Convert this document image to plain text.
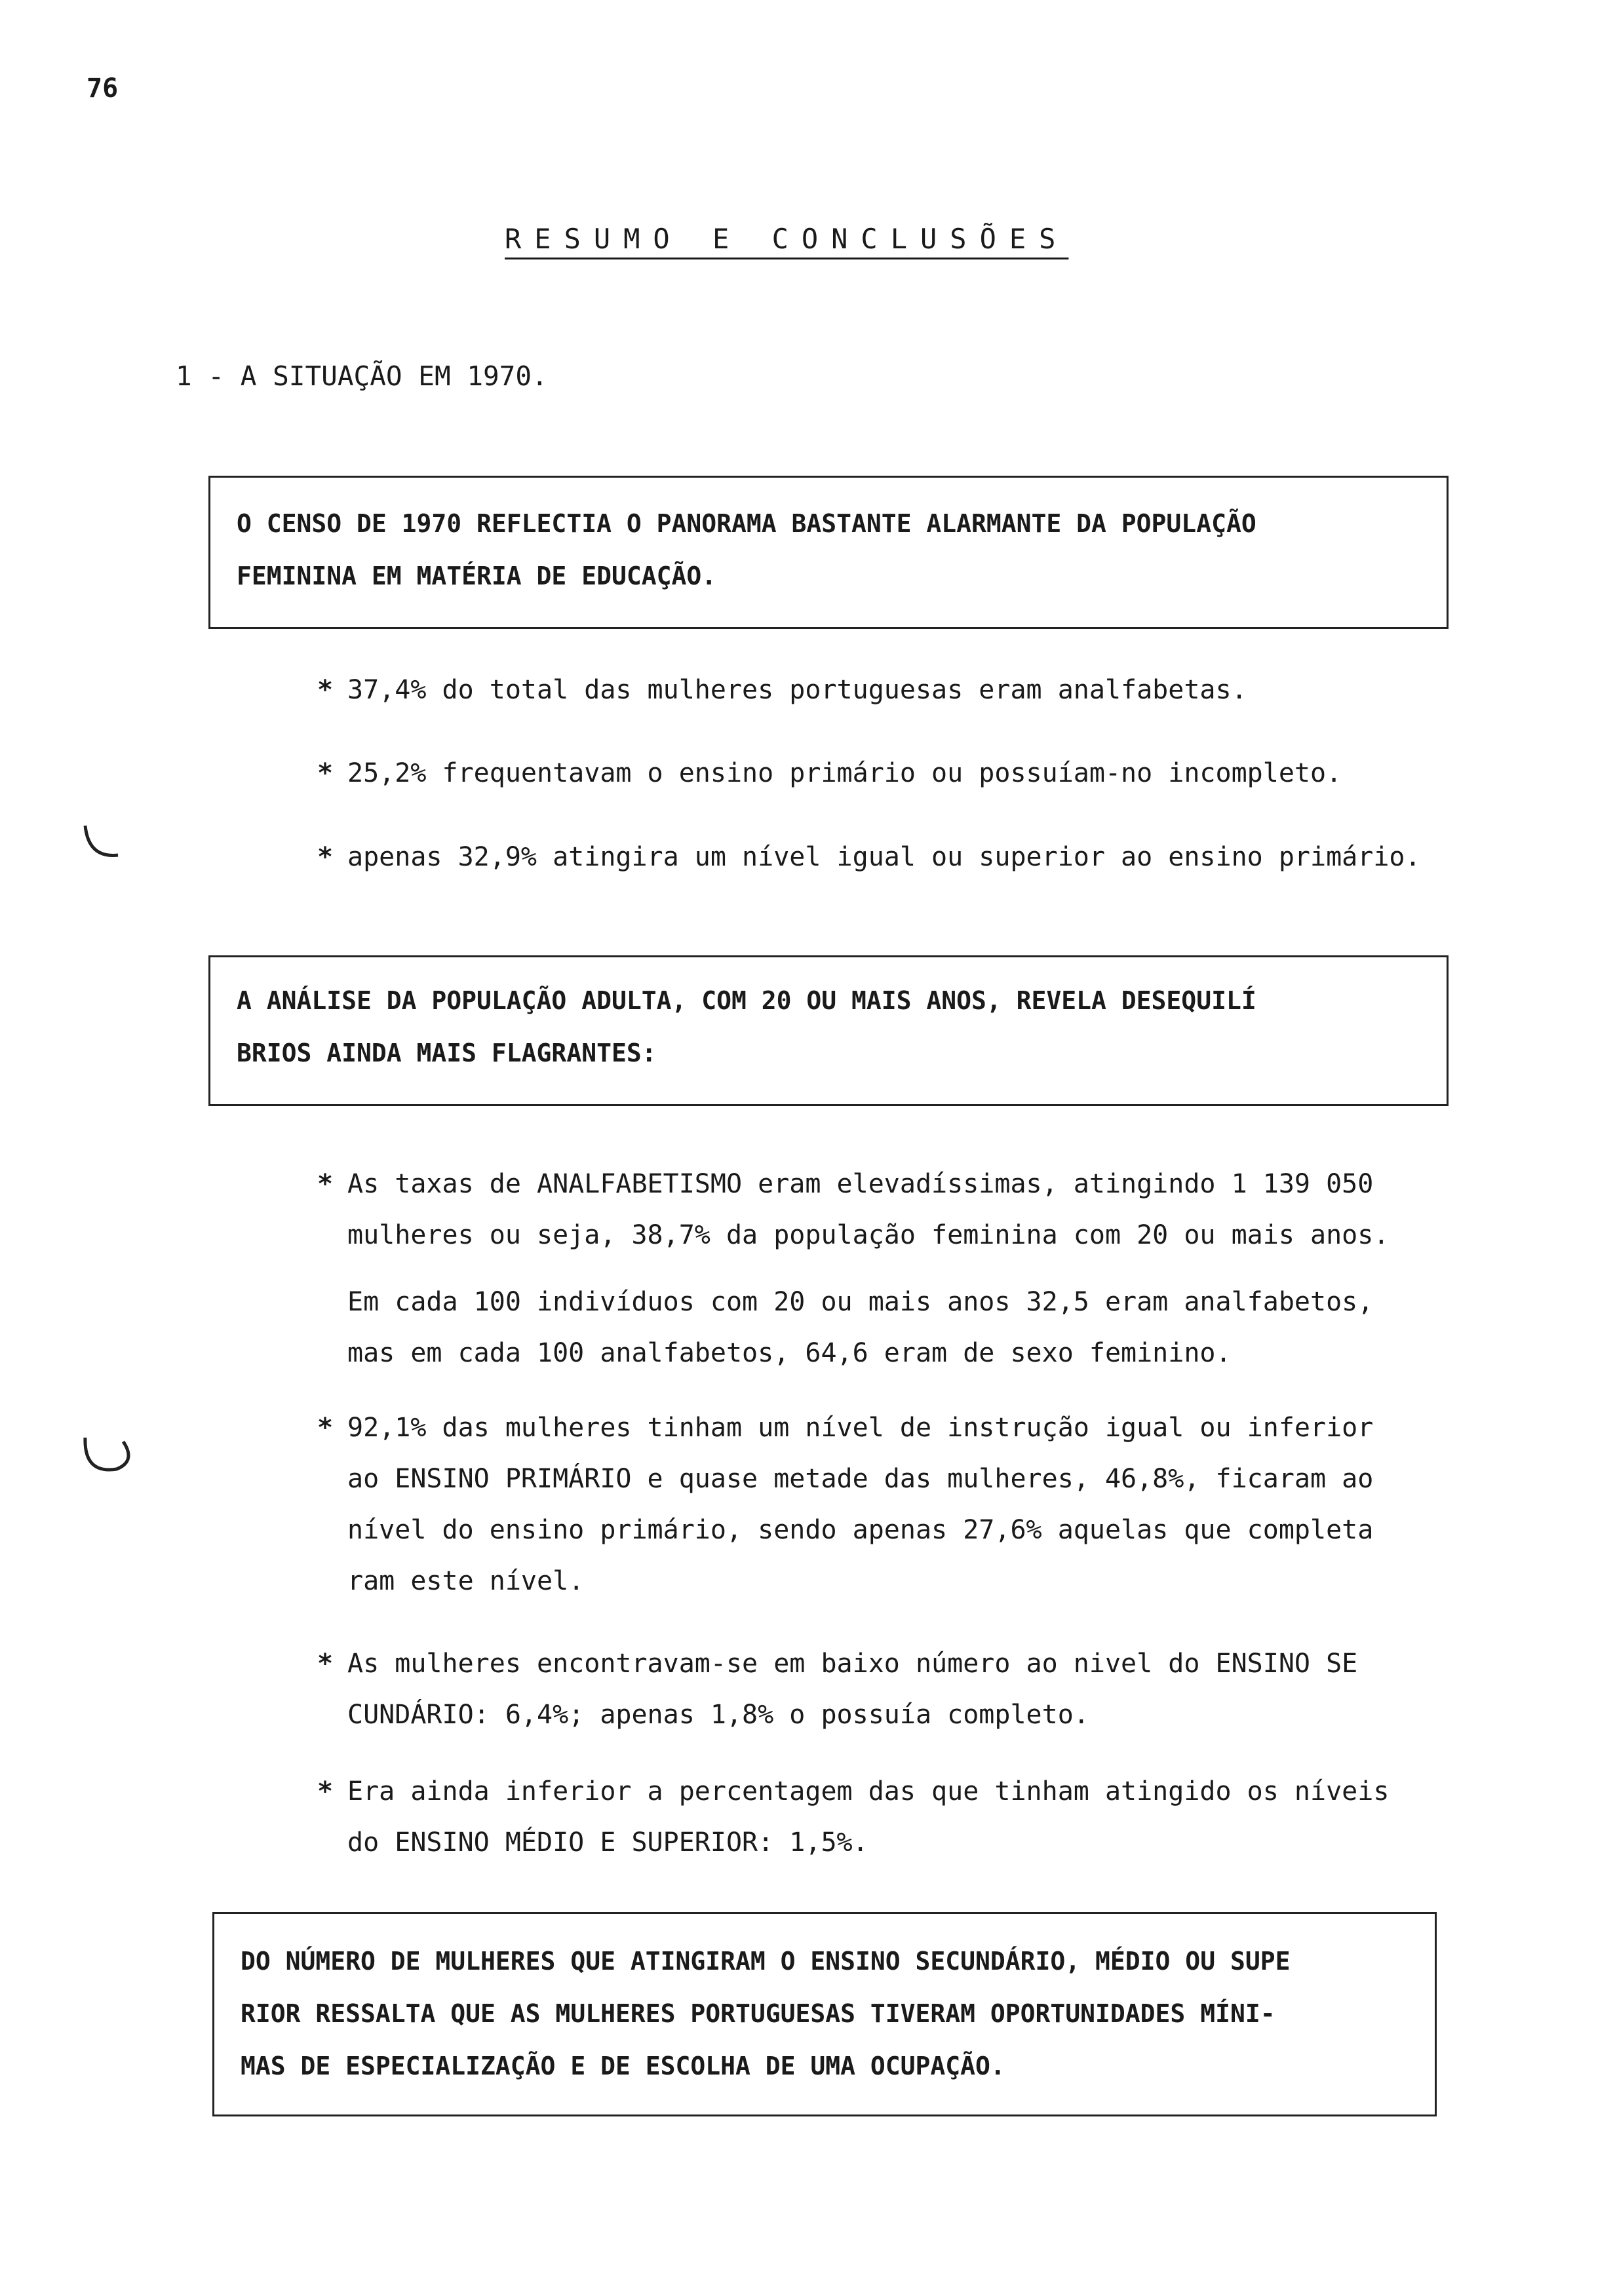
76
RESUMO E CONCLUSÕES
1 - A SITUAÇÃO EM 1970.
O CENSO DE 1970 REFLECTIA O PANORAMA BASTANTE ALARMANTE DA POPULAÇÃO
FEMININA EM MATÉRIA DE EDUCAÇÃO.
* 37,4% do total das mulheres portuguesas eram analfabetas.
* 25,2% frequentavam o ensino primário ou possuíam-no incompleto.
* apenas 32,9% atingira um nível igual ou superior ao ensino primário.
A ANÁLISE DA POPULAÇÃO ADULTA, COM 20 OU MAIS ANOS, REVELA DESEQUILÍ
BRIOS AINDA MAIS FLAGRANTES:
* As taxas de ANALFABETISMO eram elevadíssimas, atingindo 1 139 050
mulheres ou seja, 38,7% da população feminina com 20 ou mais anos.
Em cada 100 indivíduos com 20 ou mais anos 32,5 eram analfabetos,
mas em cada 100 analfabetos, 64,6 eram de sexo feminino.
* 92,1% das mulheres tinham um nível de instrução igual ou inferior
ao ENSINO PRIMÁRIO e quase metade das mulheres, 46,8%, ficaram ao
nível do ensino primário, sendo apenas 27,6% aquelas que completa
ram este nível.
* As mulheres encontravam-se em baixo número ao nivel do ENSINO SE
CUNDÁRIO: 6,4%; apenas 1,8% o possuía completo.
* Era ainda inferior a percentagem das que tinham atingido os níveis
do ENSINO MÉDIO E SUPERIOR: 1,5%.
DO NÚMERO DE MULHERES QUE ATINGIRAM O ENSINO SECUNDÁRIO, MÉDIO OU SUPE
RIOR RESSALTA QUE AS MULHERES PORTUGUESAS TIVERAM OPORTUNIDADES MÍNI-
MAS DE ESPECIALIZAÇÃO E DE ESCOLHA DE UMA OCUPAÇÃO.
